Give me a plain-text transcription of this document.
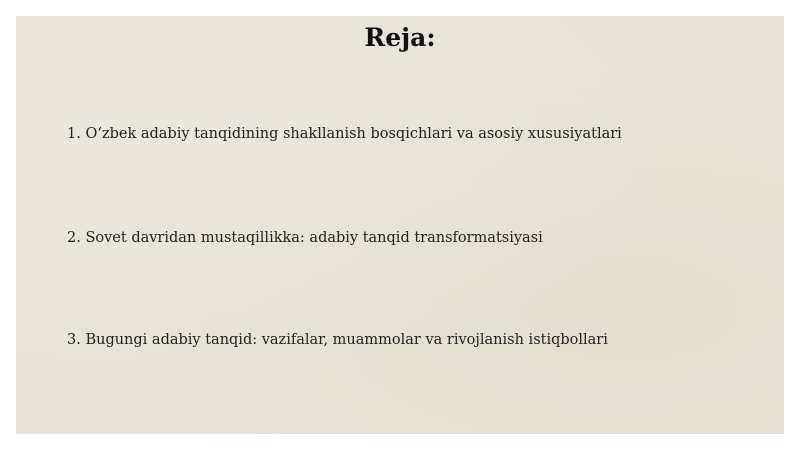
Reja:
1. O‘zbek adabiy tanqidining shakllanish bosqichlari va asosiy xususiyatlari
2. Sovet davridan mustaqillikka: adabiy tanqid transformatsiyasi
3. Bugungi adabiy tanqid: vazifalar, muammolar va rivojlanish istiqbollari
